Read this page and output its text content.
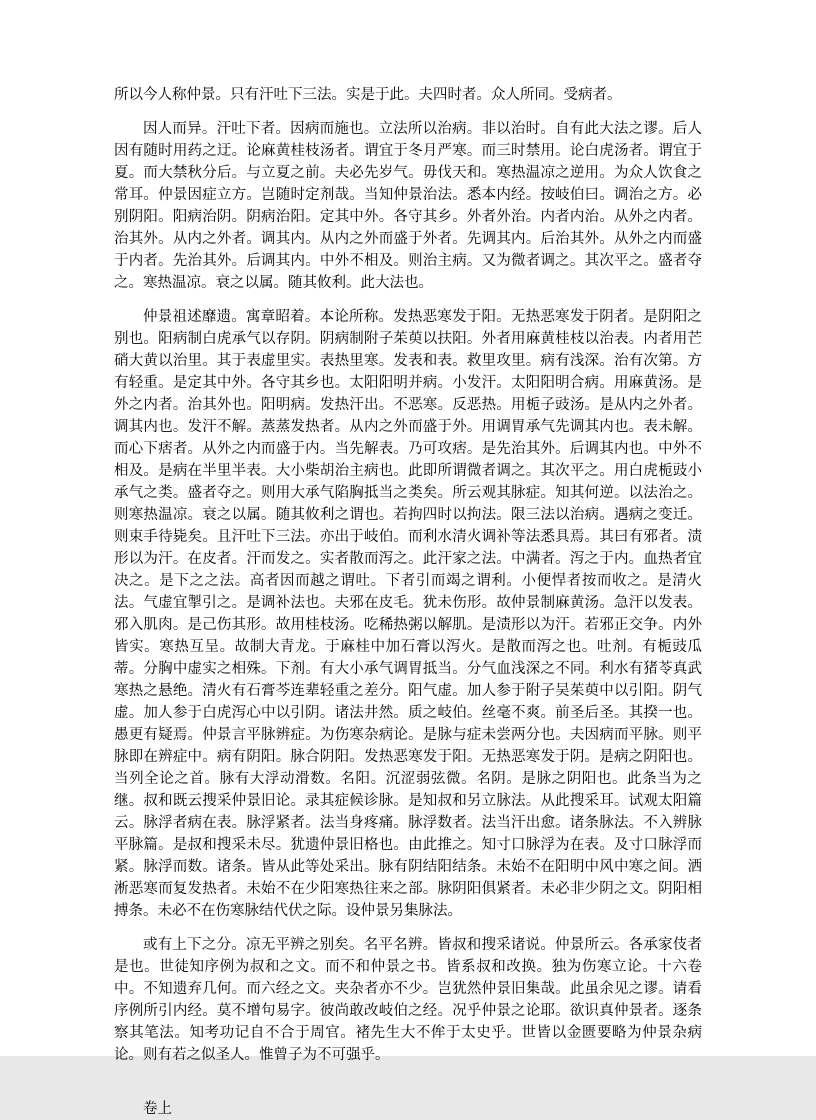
所以今人称仲景。只有汗吐下三法。实是于此。夫四时者。众人所同。受病者。

因人而异。汗吐下者。因病而施也。立法所以治病。非以治时。自有此大法之谬。后人因有随时用药之迂。论麻黄桂枝汤者。谓宜于冬月严寒。而三时禁用。论白虎汤者。谓宜于夏。而大禁秋分后。与立夏之前。夫必先岁气。毋伐天和。寒热温凉之逆用。为众人饮食之常耳。仲景因症立方。岂随时定剂哉。当知仲景治法。悉本内经。按岐伯曰。调治之方。必别阴阳。阳病治阴。阴病治阳。定其中外。各守其乡。外者外治。内者内治。从外之内者。治其外。从内之外者。调其内。从内之外而盛于外者。先调其内。后治其外。从外之内而盛于内者。先治其外。后调其内。中外不相及。则治主病。又为微者调之。其次平之。盛者夺之。寒热温凉。衰之以属。随其攸利。此大法也。

仲景祖述靡遗。寓章昭着。本论所称。发热恶寒发于阳。无热恶寒发于阴者。是阴阳之别也。阳病制白虎承气以存阴。阴病制附子茱萸以扶阳。外者用麻黄桂枝以治表。内者用芒硝大黄以治里。其于表虚里实。表热里寒。发表和表。救里攻里。病有浅深。治有次第。方有轻重。是定其中外。各守其乡也。太阳阳明并病。小发汗。太阳阳明合病。用麻黄汤。是外之内者。治其外也。阳明病。发热汗出。不恶寒。反恶热。用栀子豉汤。是从内之外者。调其内也。发汗不解。蒸蒸发热者。从内之外而盛于外。用调胃承气先调其内也。表未解。而心下痞者。从外之内而盛于内。当先解表。乃可攻痞。是先治其外。后调其内也。中外不相及。是病在半里半表。大小柴胡治主病也。此即所谓微者调之。其次平之。用白虎栀豉小承气之类。盛者夺之。则用大承气陷胸抵当之类矣。所云观其脉症。知其何逆。以法治之。则寒热温凉。衰之以属。随其攸利之谓也。若拘四时以拘法。限三法以治病。遇病之变迁。则束手待毙矣。且汗吐下三法。亦出于岐伯。而利水清火调补等法悉具焉。其曰有邪者。渍形以为汗。在皮者。汗而发之。实者散而泻之。此汗家之法。中满者。泻之于内。血热者宜决之。是下之之法。高者因而越之谓吐。下者引而竭之谓利。小便悍者按而收之。是清火法。气虚宜掣引之。是调补法也。夫邪在皮毛。犹未伤形。故仲景制麻黄汤。急汗以发表。邪入肌肉。是己伤其形。故用桂枝汤。吃稀热粥以解肌。是渍形以为汗。若邪正交争。内外皆实。寒热互呈。故制大青龙。于麻桂中加石膏以泻火。是散而泻之也。吐剂。有栀豉瓜蒂。分胸中虚实之相殊。下剂。有大小承气调胃抵当。分气血浅深之不同。利水有猪苓真武寒热之悬绝。清火有石膏芩连辈轻重之差分。阳气虚。加人参于附子吴茱萸中以引阳。阴气虚。加人参于白虎泻心中以引阴。诸法井然。质之岐伯。丝毫不爽。前圣后圣。其揆一也。愚更有疑焉。仲景言平脉辨症。为伤寒杂病论。是脉与症未尝两分也。夫因病而平脉。则平脉即在辨症中。病有阴阳。脉合阴阳。发热恶寒发于阳。无热恶寒发于阴。是病之阴阳也。当列全论之首。脉有大浮动滑数。名阳。沉涩弱弦微。名阴。是脉之阴阳也。此条当为之继。叔和既云搜采仲景旧论。录其症候诊脉。是知叔和另立脉法。从此搜采耳。试观太阳篇云。脉浮者病在表。脉浮紧者。法当身疼痛。脉浮数者。法当汗出愈。诸条脉法。不入辨脉平脉篇。是叔和搜采未尽。犹遗仲景旧格也。由此推之。知寸口脉浮为在表。及寸口脉浮而紧。脉浮而数。诸条。皆从此等处采出。脉有阴结阳结条。未始不在阳明中风中寒之间。洒淅恶寒而复发热者。未始不在少阳寒热往来之部。脉阴阳俱紧者。未必非少阴之文。阴阳相搏条。未必不在伤寒脉结代伏之际。设仲景另集脉法。

或有上下之分。凉无平辨之别矣。名平名辨。皆叔和搜采诸说。仲景所云。各承家伎者是也。世徒知序例为叔和之文。而不和仲景之书。皆系叔和改换。独为伤寒立论。十六卷中。不知遗弃几何。而六经之文。夹杂者亦不少。岂犹然仲景旧集哉。此虽余见之谬。请看序例所引内经。莫不增句易字。彼尚敢改岐伯之经。况乎仲景之论耶。欲识真仲景者。逐条察其笔法。知考功记自不合于周官。褚先生大不侔于太史乎。世皆以金匮要略为仲景杂病论。则有若之似圣人。惟曾子为不可强乎。

卷上
